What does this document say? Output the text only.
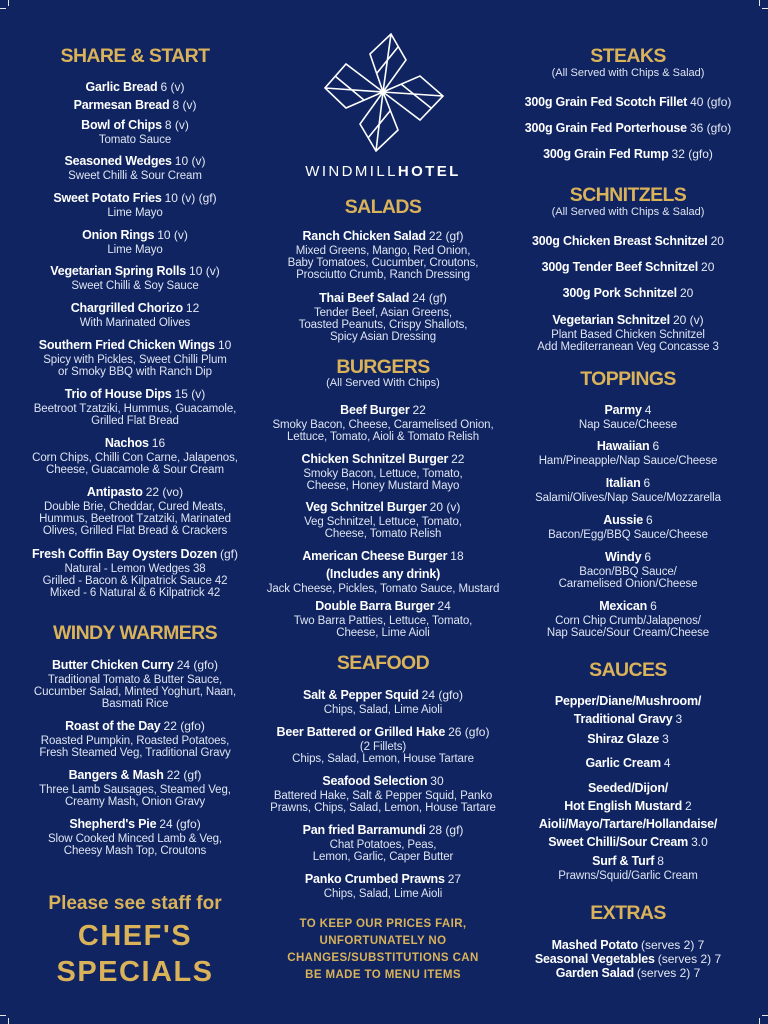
SHARE & START
Garlic Bread 6 (v)
Parmesan Bread 8 (v)
Bowl of Chips 8 (v)
Tomato Sauce
Seasoned Wedges 10 (v)
Sweet Chilli & Sour Cream
Sweet Potato Fries 10 (v) (gf)
Lime Mayo
Onion Rings 10 (v)
Lime Mayo
Vegetarian Spring Rolls 10 (v)
Sweet Chilli & Soy Sauce
Chargrilled Chorizo 12
With Marinated Olives
Southern Fried Chicken Wings 10
Spicy with Pickles, Sweet Chilli Plum
or Smoky BBQ with Ranch Dip
Trio of House Dips 15 (v)
Beetroot Tzatziki, Hummus, Guacamole,
Grilled Flat Bread
Nachos 16
Corn Chips, Chilli Con Carne, Jalapenos,
Cheese, Guacamole & Sour Cream
Antipasto 22 (vo)
Double Brie, Cheddar, Cured Meats,
Hummus, Beetroot Tzatziki, Marinated
Olives, Grilled Flat Bread & Crackers
Fresh Coffin Bay Oysters Dozen (gf)
Natural - Lemon Wedges 38
Grilled - Bacon & Kilpatrick Sauce 42
Mixed - 6 Natural & 6 Kilpatrick 42
WINDY WARMERS
Butter Chicken Curry 24 (gfo)
Traditional Tomato & Butter Sauce,
Cucumber Salad, Minted Yoghurt, Naan,
Basmati Rice
Roast of the Day 22 (gfo)
Roasted Pumpkin, Roasted Potatoes,
Fresh Steamed Veg, Traditional Gravy
Bangers & Mash 22 (gf)
Three Lamb Sausages, Steamed Veg,
Creamy Mash, Onion Gravy
Shepherd's Pie 24 (gfo)
Slow Cooked Minced Lamb & Veg,
Cheesy Mash Top, Croutons
Please see staff for
CHEF'S
SPECIALS
WINDMILLHOTEL
SALADS
Ranch Chicken Salad 22 (gf)
Mixed Greens, Mango, Red Onion,
Baby Tomatoes, Cucumber, Croutons,
Prosciutto Crumb, Ranch Dressing
Thai Beef Salad 24 (gf)
Tender Beef, Asian Greens,
Toasted Peanuts, Crispy Shallots,
Spicy Asian Dressing
BURGERS
(All Served With Chips)
Beef Burger 22
Smoky Bacon, Cheese, Caramelised Onion,
Lettuce, Tomato, Aioli & Tomato Relish
Chicken Schnitzel Burger 22
Smoky Bacon, Lettuce, Tomato,
Cheese, Honey Mustard Mayo
Veg Schnitzel Burger 20 (v)
Veg Schnitzel, Lettuce, Tomato,
Cheese, Tomato Relish
American Cheese Burger 18
(Includes any drink)
Jack Cheese, Pickles, Tomato Sauce, Mustard
Double Barra Burger 24
Two Barra Patties, Lettuce, Tomato,
Cheese, Lime Aioli
SEAFOOD
Salt & Pepper Squid 24 (gfo)
Chips, Salad, Lime Aioli
Beer Battered or Grilled Hake 26 (gfo)
(2 Fillets)
Chips, Salad, Lemon, House Tartare
Seafood Selection 30
Battered Hake, Salt & Pepper Squid, Panko
Prawns, Chips, Salad, Lemon, House Tartare
Pan fried Barramundi 28 (gf)
Chat Potatoes, Peas,
Lemon, Garlic, Caper Butter
Panko Crumbed Prawns 27
Chips, Salad, Lime Aioli
TO KEEP OUR PRICES FAIR,
UNFORTUNATELY NO
CHANGES/SUBSTITUTIONS CAN
BE MADE TO MENU ITEMS
STEAKS
(All Served with Chips & Salad)
300g Grain Fed Scotch Fillet 40 (gfo)
300g Grain Fed Porterhouse 36 (gfo)
300g Grain Fed Rump 32 (gfo)
SCHNITZELS
(All Served with Chips & Salad)
300g Chicken Breast Schnitzel 20
300g Tender Beef Schnitzel 20
300g Pork Schnitzel 20
Vegetarian Schnitzel 20 (v)
Plant Based Chicken Schnitzel
Add Mediterranean Veg Concasse 3
TOPPINGS
Parmy 4
Nap Sauce/Cheese
Hawaiian 6
Ham/Pineapple/Nap Sauce/Cheese
Italian 6
Salami/Olives/Nap Sauce/Mozzarella
Aussie 6
Bacon/Egg/BBQ Sauce/Cheese
Windy 6
Bacon/BBQ Sauce/
Caramelised Onion/Cheese
Mexican 6
Corn Chip Crumb/Jalapenos/
Nap Sauce/Sour Cream/Cheese
SAUCES
Pepper/Diane/Mushroom/
Traditional Gravy 3
Shiraz Glaze 3
Garlic Cream 4
Seeded/Dijon/
Hot English Mustard 2
Aioli/Mayo/Tartare/Hollandaise/
Sweet Chilli/Sour Cream 3.0
Surf & Turf 8
Prawns/Squid/Garlic Cream
EXTRAS
Mashed Potato (serves 2) 7
Seasonal Vegetables (serves 2) 7
Garden Salad (serves 2) 7
